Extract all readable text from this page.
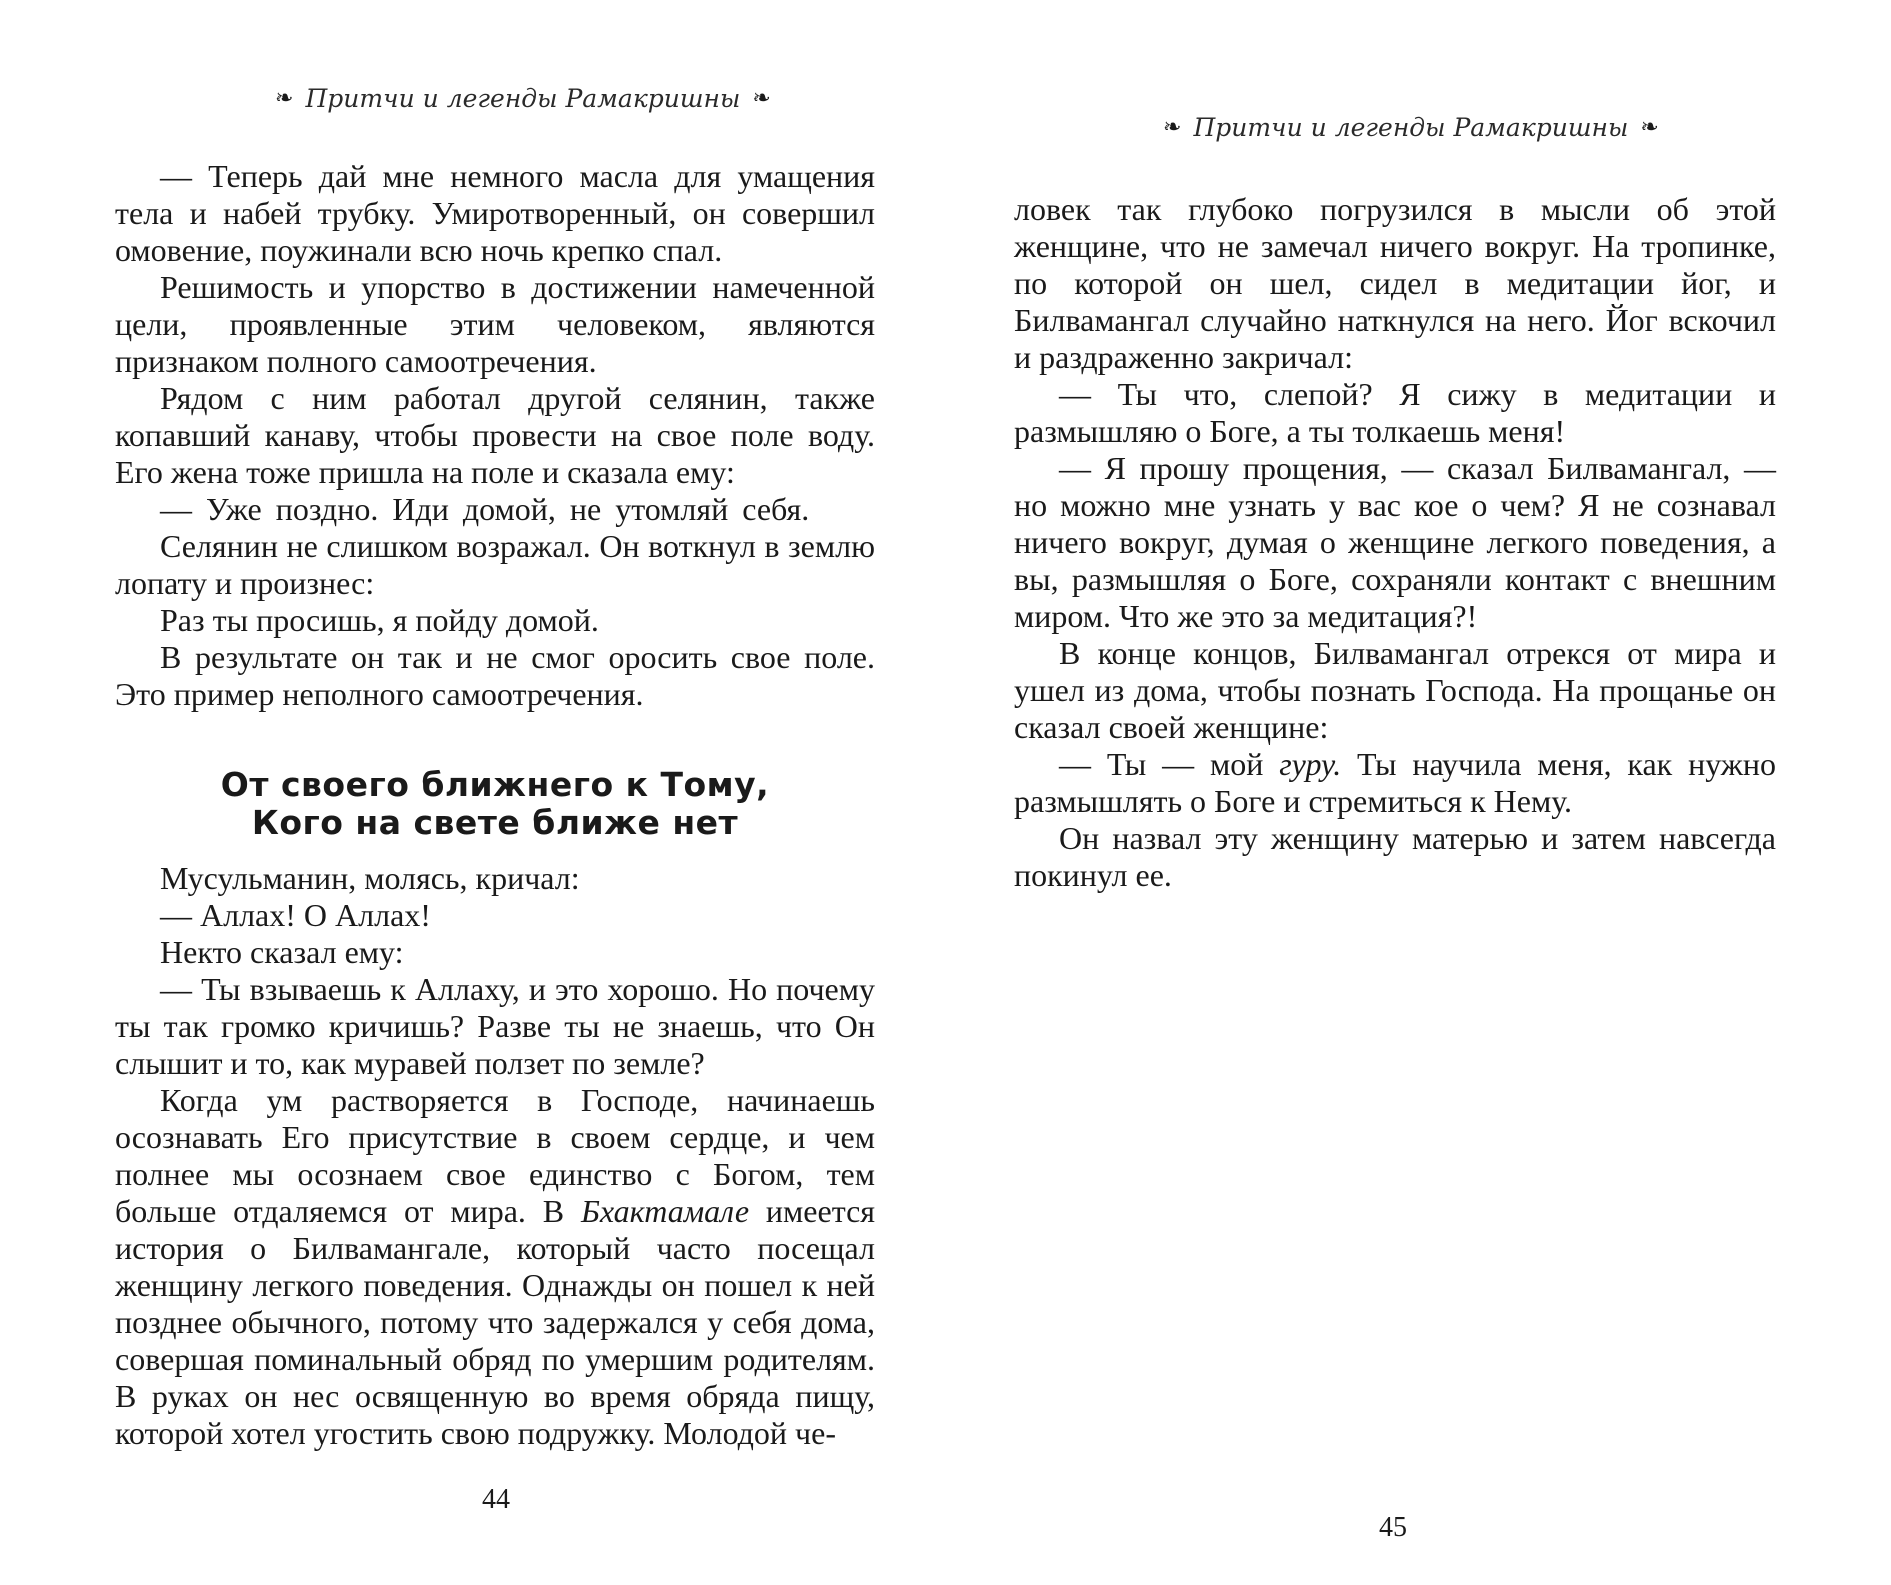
❧ Притчи и легенды Рамакришны ❧

— Теперь дай мне немного масла для умащения тела и набей трубку. Умиротворенный, он совершил омовение, поужинали всю ночь крепко спал.

Решимость и упорство в достижении намеченной цели, проявленные этим человеком, являются признаком полного самоотречения.

Рядом с ним работал другой селянин, также копавший канаву, чтобы провести на свое поле воду. Его жена тоже пришла на поле и сказала ему:

— Уже поздно. Иди домой, не утомляй себя.

Селянин не слишком возражал. Он воткнул в землю лопату и произнес:

Раз ты просишь, я пойду домой.

В результате он так и не смог оросить свое поле. Это пример неполного самоотречения.

От своего ближнего к Тому,
Кого на свете ближе нет

Мусульманин, молясь, кричал:

— Аллах! О Аллах!

Некто сказал ему:

— Ты взываешь к Аллаху, и это хорошо. Но почему ты так громко кричишь? Разве ты не знаешь, что Он слышит и то, как муравей ползет по земле?

Когда ум растворяется в Господе, начинаешь осознавать Его присутствие в своем сердце, и чем полнее мы осознаем свое единство с Богом, тем больше отдаляемся от мира. В Бхактамале имеется история о Билвамангале, который часто посещал женщину легкого поведения. Однажды он пошел к ней позднее обычного, потому что задержался у себя дома, совершая поминальный обряд по умершим родителям. В руках он нес освященную во время обряда пищу, которой хотел угостить свою подружку. Молодой че-

44
❧ Притчи и легенды Рамакришны ❧

ловек так глубоко погрузился в мысли об этой женщине, что не замечал ничего вокруг. На тропинке, по которой он шел, сидел в медитации йог, и Билвамангал случайно наткнулся на него. Йог вскочил и раздраженно закричал:

— Ты что, слепой? Я сижу в медитации и размышляю о Боге, а ты толкаешь меня!

— Я прошу прощения, — сказал Билвамангал, — но можно мне узнать у вас кое о чем? Я не сознавал ничего вокруг, думая о женщине легкого поведения, а вы, размышляя о Боге, сохраняли контакт с внешним миром. Что же это за медитация?!

В конце концов, Билвамангал отрекся от мира и ушел из дома, чтобы познать Господа. На прощанье он сказал своей женщине:

— Ты — мой гуру. Ты научила меня, как нужно размышлять о Боге и стремиться к Нему.

Он назвал эту женщину матерью и затем навсегда покинул ее.

45
